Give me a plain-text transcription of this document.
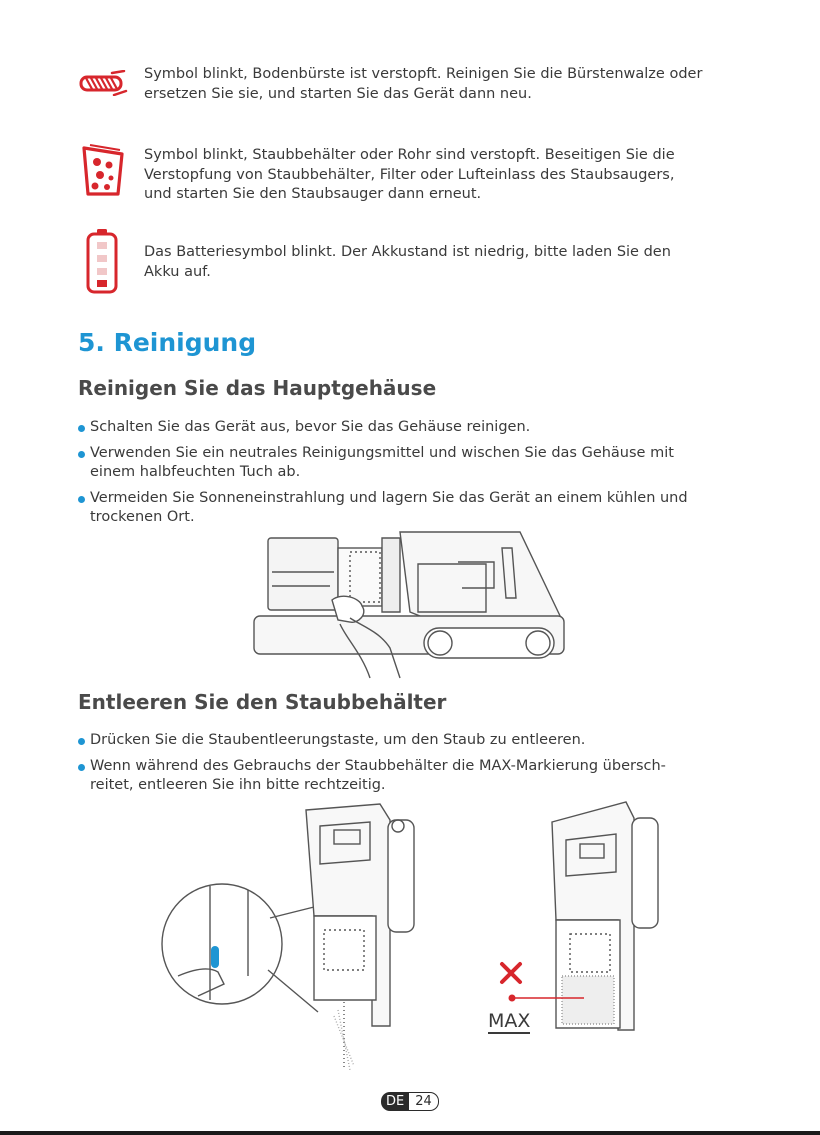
Symbol blinkt, Bodenbürste ist verstopft. Reinigen Sie die Bürstenwalze oder
ersetzen Sie sie, und starten Sie das Gerät dann neu.
Symbol blinkt, Staubbehälter oder Rohr sind verstopft. Beseitigen Sie die
Verstopfung von Staubbehälter, Filter oder Lufteinlass des Staubsaugers,
und starten Sie den Staubsauger dann erneut.
Das Batteriesymbol blinkt. Der Akkustand ist niedrig, bitte laden Sie den
Akku auf.
5. Reinigung
Reinigen Sie das Hauptgehäuse
Schalten Sie das Gerät aus, bevor Sie das Gehäuse reinigen.
Verwenden Sie ein neutrales Reinigungsmittel und wischen Sie das Gehäuse mit
einem halbfeuchten Tuch ab.
Vermeiden Sie Sonneneinstrahlung und lagern Sie das Gerät an einem kühlen und
trockenen Ort.
Entleeren Sie den Staubbehälter
Drücken Sie die Staubentleerungstaste, um den Staub zu entleeren.
Wenn während des Gebrauchs der Staubbehälter die MAX-Markierung übersch-
reitet, entleeren Sie ihn bitte rechtzeitig.
MAX
DE 24
